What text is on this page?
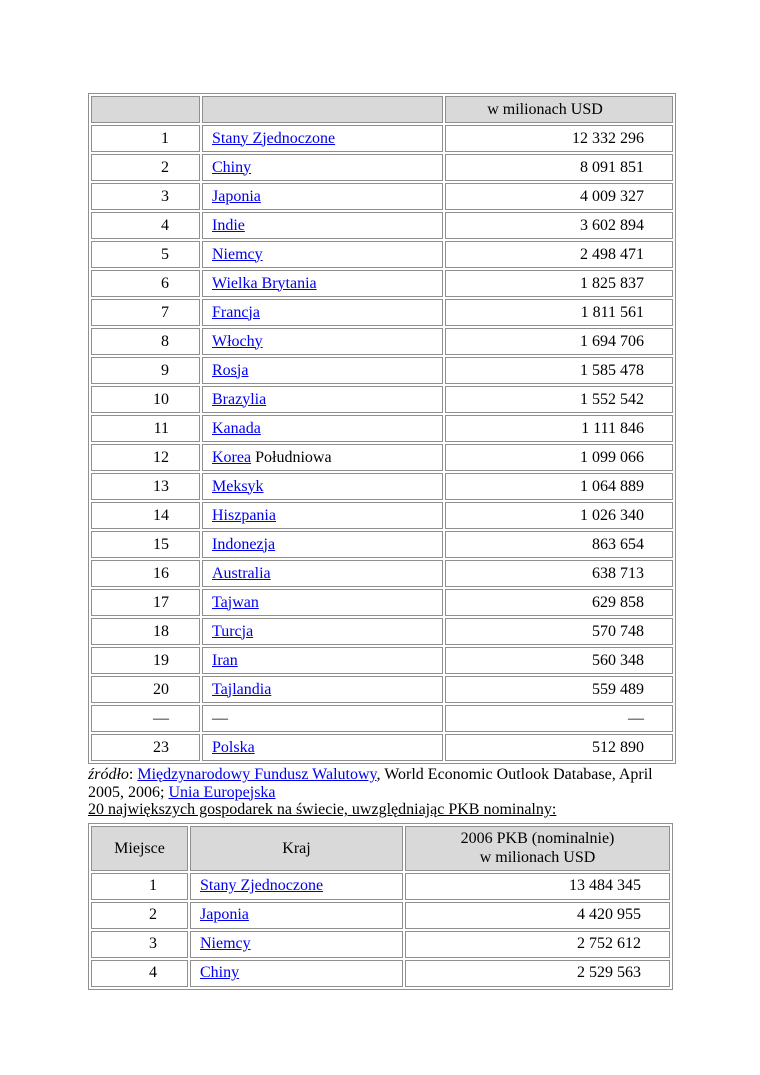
		w milionach USD
1	Stany Zjednoczone	12 332 296
2	Chiny	8 091 851
3	Japonia	4 009 327
4	Indie	3 602 894
5	Niemcy	2 498 471
6	Wielka Brytania	1 825 837
7	Francja	1 811 561
8	Włochy	1 694 706
9	Rosja	1 585 478
10	Brazylia	1 552 542
11	Kanada	1 111 846
12	Korea Południowa	1 099 066
13	Meksyk	1 064 889
14	Hiszpania	1 026 340
15	Indonezja	863 654
16	Australia	638 713
17	Tajwan	629 858
18	Turcja	570 748
19	Iran	560 348
20	Tajlandia	559 489
—	—	—
23	Polska	512 890
źródło: Międzynarodowy Fundusz Walutowy, World Economic Outlook Database, April
2005, 2006; Unia Europejska
20 największych gospodarek na świecie, uwzględniając PKB nominalny:
Miejsce	Kraj	2006 PKB (nominalnie)
w milionach USD

1	Stany Zjednoczone	13 484 345
2	Japonia	4 420 955
3	Niemcy	2 752 612
4	Chiny	2 529 563
